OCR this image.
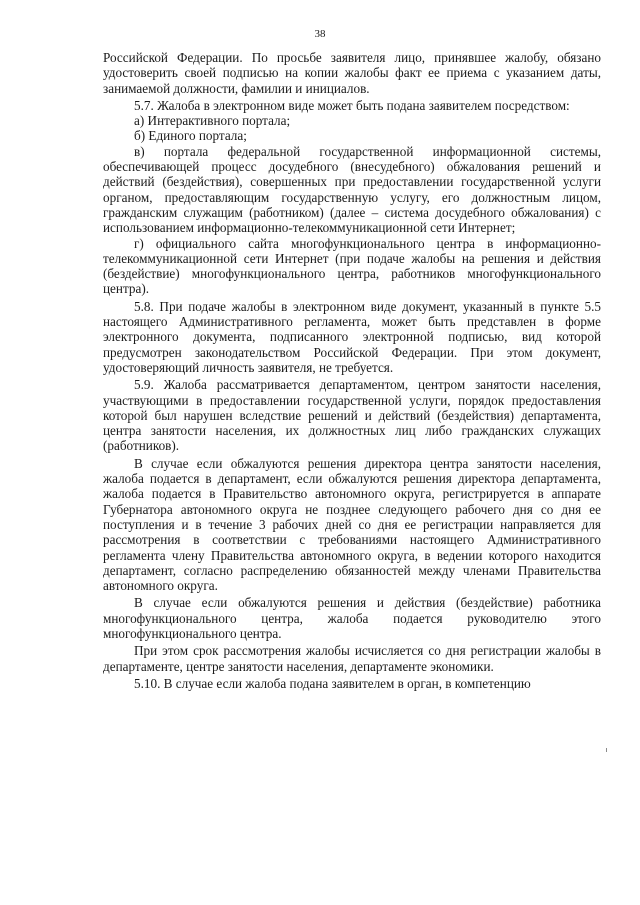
38

Российской Федерации. По просьбе заявителя лицо, принявшее жалобу, обязано удостоверить своей подписью на копии жалобы факт ее приема с указанием даты, занимаемой должности, фамилии и инициалов.

5.7. Жалоба в электронном виде может быть подана заявителем посредством:

а) Интерактивного портала;

б) Единого портала;

в) портала федеральной государственной информационной системы, обеспечивающей процесс досудебного (внесудебного) обжалования решений и действий (бездействия), совершенных при предоставлении государственной услуги органом, предоставляющим государственную услугу, его должностным лицом, гражданским служащим (работником) (далее – система досудебного обжалования) с использованием информационно-телекоммуникационной сети Интернет;

г) официального сайта многофункционального центра в информационно-телекоммуникационной сети Интернет (при подаче жалобы на решения и действия (бездействие) многофункционального центра, работников многофункционального центра).

5.8. При подаче жалобы в электронном виде документ, указанный в пункте 5.5 настоящего Административного регламента, может быть представлен в форме электронного документа, подписанного электронной подписью, вид которой предусмотрен законодательством Российской Федерации. При этом документ, удостоверяющий личность заявителя, не требуется.

5.9. Жалоба рассматривается департаментом, центром занятости населения, участвующими в предоставлении государственной услуги, порядок предоставления которой был нарушен вследствие решений и действий (бездействия) департамента, центра занятости населения, их должностных лиц либо гражданских служащих (работников).

В случае если обжалуются решения директора центра занятости населения, жалоба подается в департамент, если обжалуются решения директора департамента, жалоба подается в Правительство автономного округа, регистрируется в аппарате Губернатора автономного округа не позднее следующего рабочего дня со дня ее поступления и в течение 3 рабочих дней со дня ее регистрации направляется для рассмотрения в соответствии с требованиями настоящего Административного регламента члену Правительства автономного округа, в ведении которого находится департамент, согласно распределению обязанностей между членами Правительства автономного округа.

В случае если обжалуются решения и действия (бездействие) работника многофункционального центра, жалоба подается руководителю этого многофункционального центра.

При этом срок рассмотрения жалобы исчисляется со дня регистрации жалобы в департаменте, центре занятости населения, департаменте экономики.

5.10. В случае если жалоба подана заявителем в орган, в компетенцию
